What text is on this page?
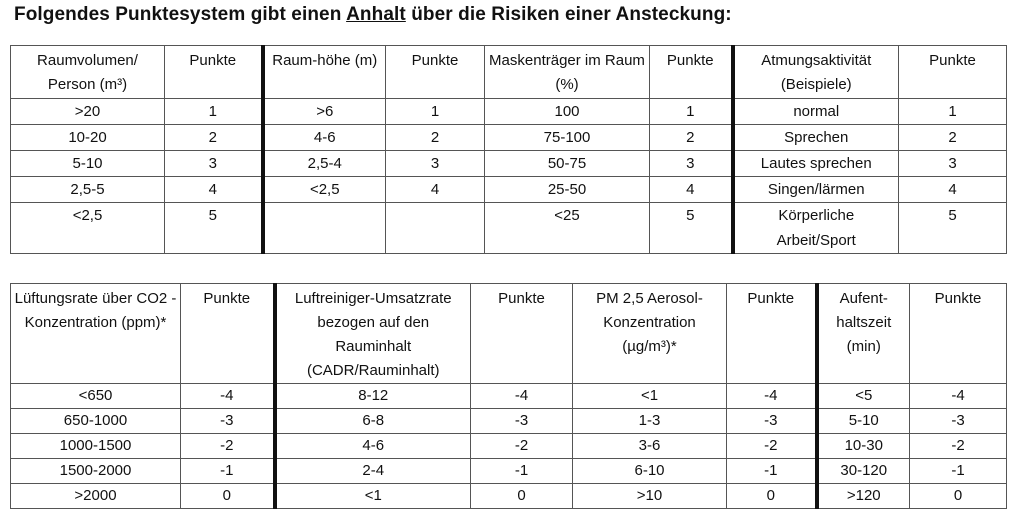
Folgendes Punktesystem gibt einen Anhalt über die Risiken einer Ansteckung:
Raumvolumen/ Person (m³)	Punkte	Raum-höhe (m)	Punkte	Maskenträger im Raum (%)	Punkte	Atmungsaktivität (Beispiele)	Punkte
>20	1	>6	1	100	1	normal	1
10-20	2	4-6	2	75-100	2	Sprechen	2
5-10	3	2,5-4	3	50-75	3	Lautes sprechen	3
2,5-5	4	<2,5	4	25-50	4	Singen/lärmen	4
<2,5	5			<25	5	Körperliche Arbeit/Sport	5
Lüftungsrate über CO2 - Konzentration (ppm)*	Punkte	Luftreiniger-Umsatzrate bezogen auf den Rauminhalt (CADR/Rauminhalt)	Punkte	PM 2,5 Aerosol-Konzentration (µg/m³)*	Punkte	Aufent-haltszeit (min)	Punkte
<650	-4	8-12	-4	<1	-4	<5	-4
650-1000	-3	6-8	-3	1-3	-3	5-10	-3
1000-1500	-2	4-6	-2	3-6	-2	10-30	-2
1500-2000	-1	2-4	-1	6-10	-1	30-120	-1
>2000	0	<1	0	>10	0	>120	0
